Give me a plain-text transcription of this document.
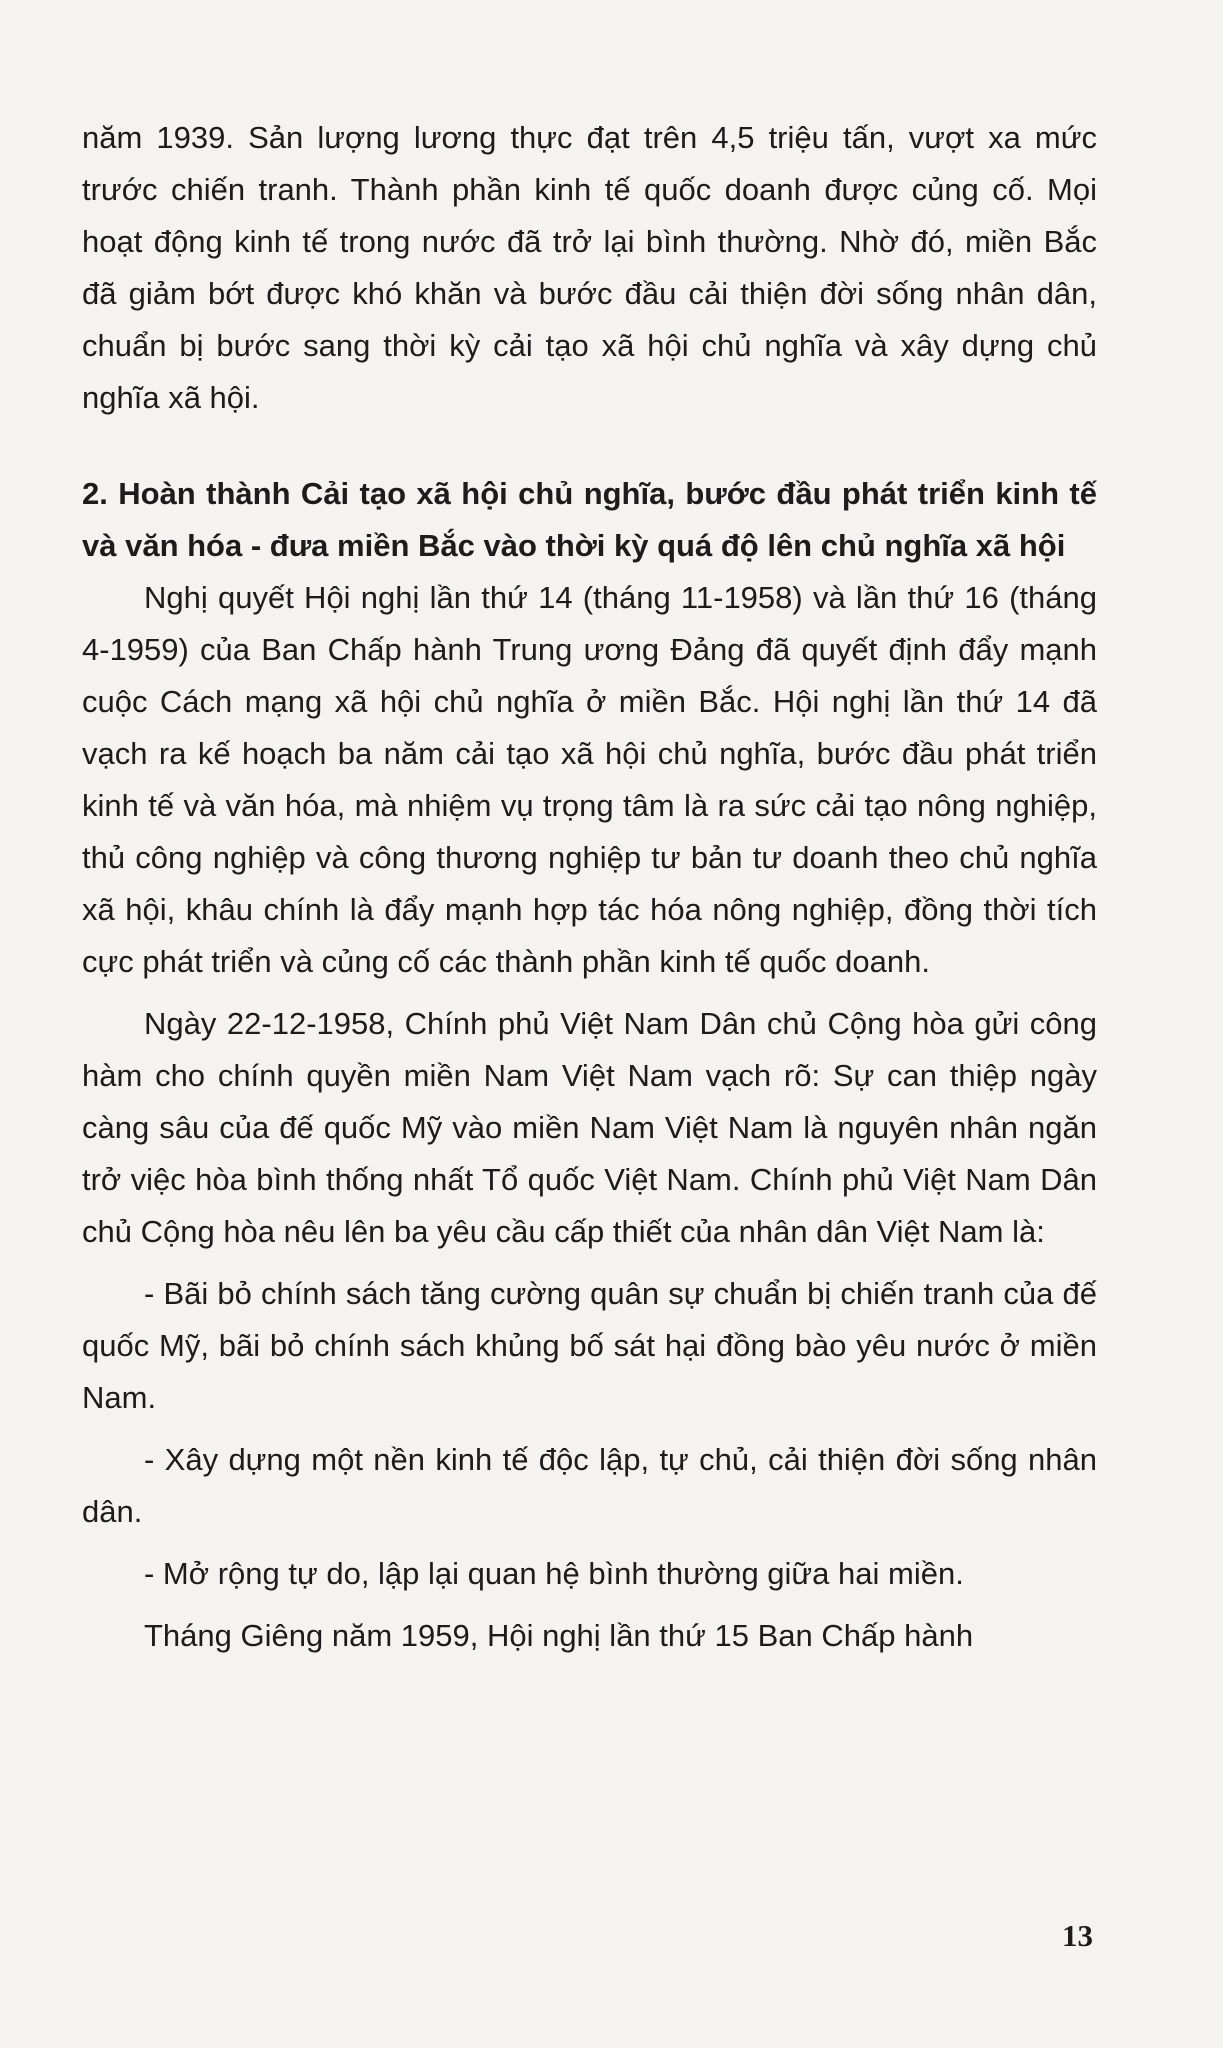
năm 1939. Sản lượng lương thực đạt trên 4,5 triệu tấn, vượt xa mức trước chiến tranh. Thành phần kinh tế quốc doanh được củng cố. Mọi hoạt động kinh tế trong nước đã trở lại bình thường. Nhờ đó, miền Bắc đã giảm bớt được khó khăn và bước đầu cải thiện đời sống nhân dân, chuẩn bị bước sang thời kỳ cải tạo xã hội chủ nghĩa và xây dựng chủ nghĩa xã hội.

2. Hoàn thành Cải tạo xã hội chủ nghĩa, bước đầu phát triển kinh tế và văn hóa - đưa miền Bắc vào thời kỳ quá độ lên chủ nghĩa xã hội

Nghị quyết Hội nghị lần thứ 14 (tháng 11-1958) và lần thứ 16 (tháng 4-1959) của Ban Chấp hành Trung ương Đảng đã quyết định đẩy mạnh cuộc Cách mạng xã hội chủ nghĩa ở miền Bắc. Hội nghị lần thứ 14 đã vạch ra kế hoạch ba năm cải tạo xã hội chủ nghĩa, bước đầu phát triển kinh tế và văn hóa, mà nhiệm vụ trọng tâm là ra sức cải tạo nông nghiệp, thủ công nghiệp và công thương nghiệp tư bản tư doanh theo chủ nghĩa xã hội, khâu chính là đẩy mạnh hợp tác hóa nông nghiệp, đồng thời tích cực phát triển và củng cố các thành phần kinh tế quốc doanh.

Ngày 22-12-1958, Chính phủ Việt Nam Dân chủ Cộng hòa gửi công hàm cho chính quyền miền Nam Việt Nam vạch rõ: Sự can thiệp ngày càng sâu của đế quốc Mỹ vào miền Nam Việt Nam là nguyên nhân ngăn trở việc hòa bình thống nhất Tổ quốc Việt Nam. Chính phủ Việt Nam Dân chủ Cộng hòa nêu lên ba yêu cầu cấp thiết của nhân dân Việt Nam là:

- Bãi bỏ chính sách tăng cường quân sự chuẩn bị chiến tranh của đế quốc Mỹ, bãi bỏ chính sách khủng bố sát hại đồng bào yêu nước ở miền Nam.

- Xây dựng một nền kinh tế độc lập, tự chủ, cải thiện đời sống nhân dân.

- Mở rộng tự do, lập lại quan hệ bình thường giữa hai miền.

Tháng Giêng năm 1959, Hội nghị lần thứ 15 Ban Chấp hành

13
